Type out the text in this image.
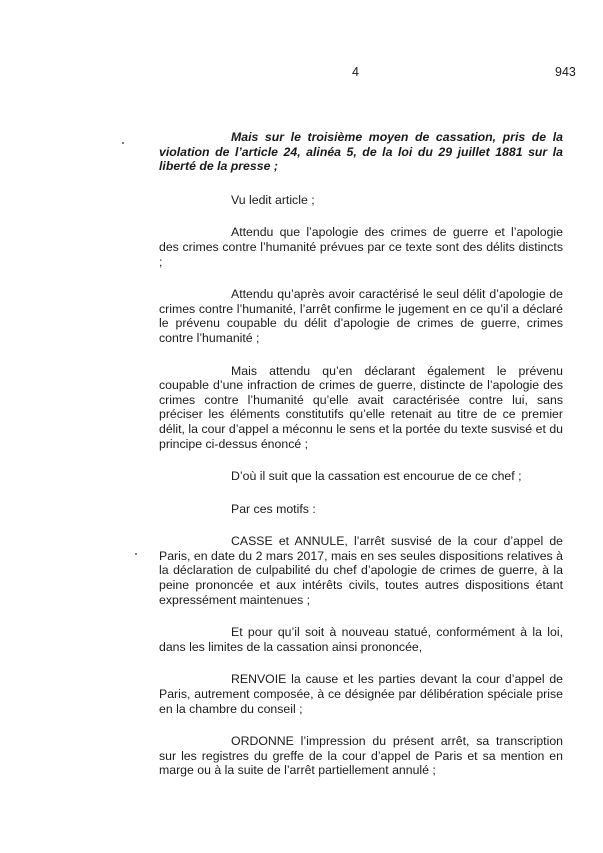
4	943

Mais sur le troisième moyen de cassation, pris de la violation de l’article 24, alinéa 5, de la loi du 29 juillet 1881 sur la liberté de la presse ;

Vu ledit article ;

Attendu que l’apologie des crimes de guerre et l’apologie des crimes contre l’humanité prévues par ce texte sont des délits distincts ;

Attendu qu’après avoir caractérisé le seul délit d’apologie de crimes contre l’humanité, l’arrêt confirme le jugement en ce qu’il a déclaré le prévenu coupable du délit d’apologie de crimes de guerre, crimes contre l’humanité ;

Mais attendu qu’en déclarant également le prévenu coupable d’une infraction de crimes de guerre, distincte de l’apologie des crimes contre l’humanité qu’elle avait caractérisée contre lui, sans préciser les éléments constitutifs qu’elle retenait au titre de ce premier délit, la cour d’appel a méconnu le sens et la portée du texte susvisé et du principe ci-dessus énoncé ;

D’où il suit que la cassation est encourue de ce chef ;

Par ces motifs :

CASSE et ANNULE, l’arrêt susvisé de la cour d’appel de Paris, en date du 2 mars 2017, mais en ses seules dispositions relatives à la déclaration de culpabilité du chef d’apologie de crimes de guerre, à la peine prononcée et aux intérêts civils, toutes autres dispositions étant expressément maintenues ;

Et pour qu’il soit à nouveau statué, conformément à la loi, dans les limites de la cassation ainsi prononcée,

RENVOIE la cause et les parties devant la cour d’appel de Paris, autrement composée, à ce désignée par délibération spéciale prise en la chambre du conseil ;

ORDONNE l’impression du présent arrêt, sa transcription sur les registres du greffe de la cour d’appel de Paris et sa mention en marge ou à la suite de l’arrêt partiellement annulé ;
